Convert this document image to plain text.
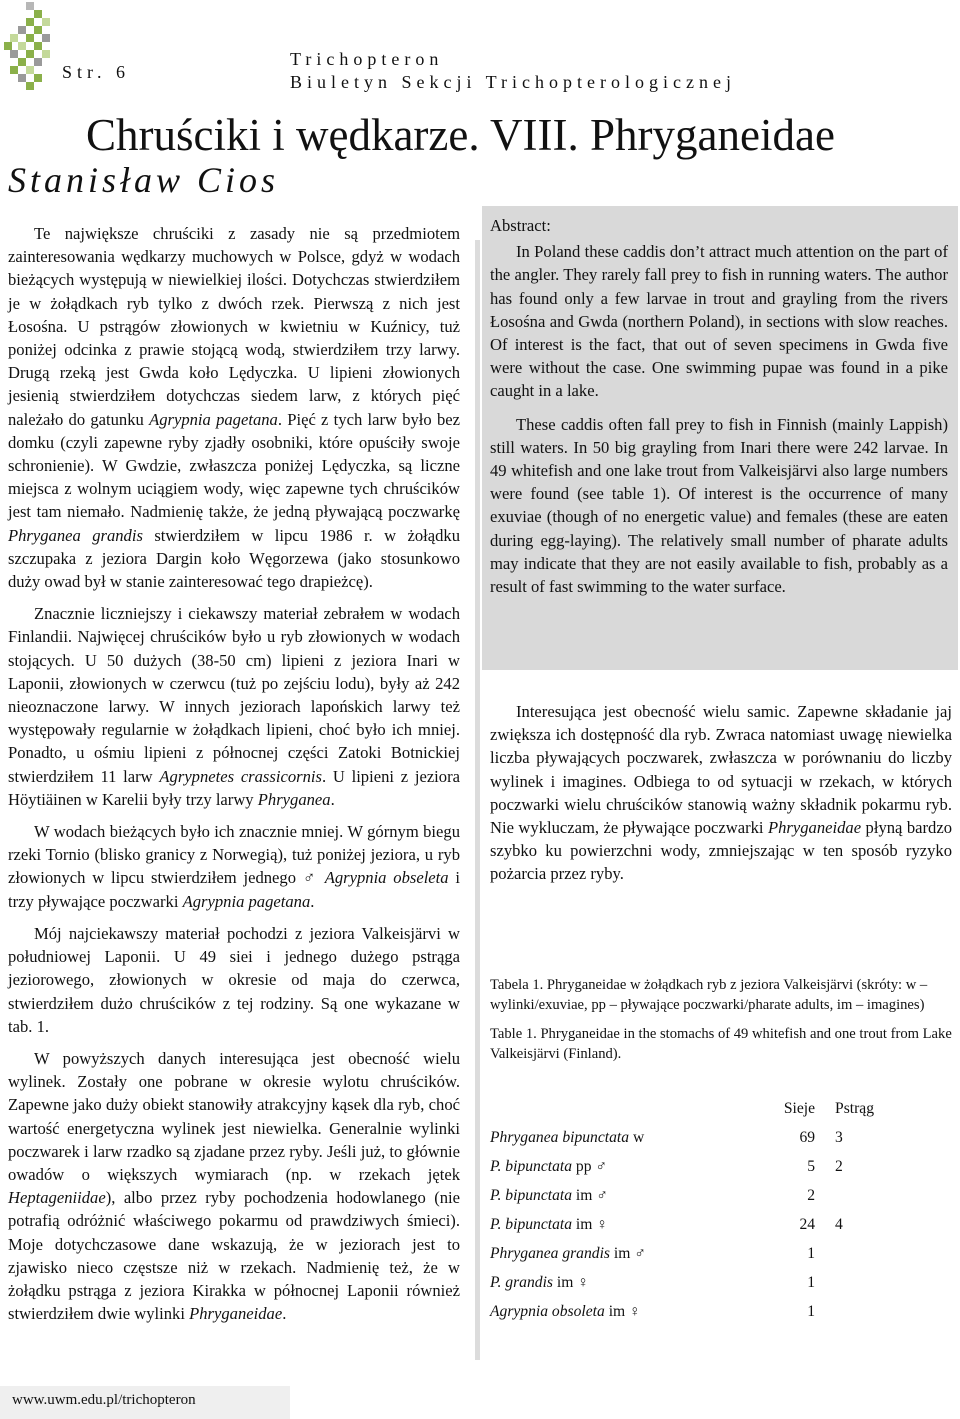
Str. 6
Trichopteron
Biuletyn Sekcji Trichopterologicznej
Chruściki i wędkarze. VIII. Phryganeidae
Stanisław Cios

Te największe chruściki z zasady nie są przedmiotem zainteresowania wędkarzy muchowych w Polsce, gdyż w wodach bieżących występują w niewielkiej ilości. Dotychczas stwierdziłem je w żołądkach ryb tylko z dwóch rzek. Pierwszą z nich jest Łosośna. U pstrągów złowionych w kwietniu w Kuźnicy, tuż poniżej odcinka z prawie stojącą wodą, stwierdziłem trzy larwy. Drugą rzeką jest Gwda koło Lędyczka. U lipieni złowionych jesienią stwierdziłem dotychczas siedem larw, z których pięć należało do gatunku Agrypnia pagetana. Pięć z tych larw było bez domku (czyli zapewne ryby zjadły osobniki, które opuściły swoje schronienie). W Gwdzie, zwłaszcza poniżej Lędyczka, są liczne miejsca z wolnym uciągiem wody, więc zapewne tych chruścików jest tam niemało. Nadmienię także, że jedną pływającą poczwarkę Phryganea grandis stwierdziłem w lipcu 1986 r. w żołądku szczupaka z jeziora Dargin koło Węgorzewa (jako stosunkowo duży owad był w stanie zainteresować tego drapieżcę).

Znacznie liczniejszy i ciekawszy materiał zebrałem w wodach Finlandii. Najwięcej chruścików było u ryb złowionych w wodach stojących. U 50 dużych (38-50 cm) lipieni z jeziora Inari w Laponii, złowionych w czerwcu (tuż po zejściu lodu), były aż 242 nieoznaczone larwy. W innych jeziorach lapońskich larwy też występowały regularnie w żołądkach lipieni, choć było ich mniej. Ponadto, u ośmiu lipieni z północnej części Zatoki Botnickiej stwierdziłem 11 larw Agrypnetes crassicornis. U lipieni z jeziora Höytiäinen w Karelii były trzy larwy Phryganea.

W wodach bieżących było ich znacznie mniej. W górnym biegu rzeki Tornio (blisko granicy z Norwegią), tuż poniżej jeziora, u ryb złowionych w lipcu stwierdziłem jednego ♂ Agrypnia obseleta i trzy pływające poczwarki Agrypnia pagetana.

Mój najciekawszy materiał pochodzi z jeziora Valkeisjärvi w południowej Laponii. U 49 siei i jednego dużego pstrąga jeziorowego, złowionych w okresie od maja do czerwca, stwierdziłem dużo chruścików z tej rodziny. Są one wykazane w tab. 1.

W powyższych danych interesująca jest obecność wielu wylinek. Zostały one pobrane w okresie wylotu chruścików. Zapewne jako duży obiekt stanowiły atrakcyjny kąsek dla ryb, choć wartość energetyczna wylinek jest niewielka. Generalnie wylinki poczwarek i larw rzadko są zjadane przez ryby. Jeśli już, to głównie owadów o większych wymiarach (np. w rzekach jętek Heptageniidae), albo przez ryby pochodzenia hodowlanego (nie potrafią odróżnić właściwego pokarmu od prawdziwych śmieci). Moje dotychczasowe dane wskazują, że w jeziorach jest to zjawisko nieco częstsze niż w rzekach. Nadmienię też, że w żołądku pstrąga z jeziora Kirakka w północnej Laponii również stwierdziłem dwie wylinki Phryganeidae.

Abstract:

In Poland these caddis don’t attract much attention on the part of the angler. They rarely fall prey to fish in running waters. The author has found only a few larvae in trout and grayling from the rivers Łosośna and Gwda (northern Poland), in sections with slow reaches. Of interest is the fact, that out of seven specimens in Gwda five were without the case. One swimming pupae was found in a pike caught in a lake.

These caddis often fall prey to fish in Finnish (mainly Lappish) still waters. In 50 big grayling from Inari there were 242 larvae. In 49 whitefish and one lake trout from Valkeisjärvi also large numbers were found (see table 1). Of interest is the occurrence of many exuviae (though of no energetic value) and females (these are eaten during egg-laying). The relatively small number of pharate adults may indicate that they are not easily available to fish, probably as a result of fast swimming to the water surface.

Interesująca jest obecność wielu samic. Zapewne składanie jaj zwiększa ich dostępność dla ryb. Zwraca natomiast uwagę niewielka liczba pływających poczwarek, zwłaszcza w porównaniu do liczby wylinek i imagines. Odbiega to od sytuacji w rzekach, w których poczwarki wielu chruścików stanowią ważny składnik pokarmu ryb. Nie wykluczam, że pływające poczwarki Phryganeidae płyną bardzo szybko ku powierzchni wody, zmniejszając w ten sposób ryzyko pożarcia przez ryby.

Tabela 1. Phryganeidae w żołądkach ryb z jeziora Valkeisjärvi (skróty: w – wylinki/exuviae, pp – pływające poczwarki/pharate adults, im – imagines)

Table 1. Phryganeidae in the stomachs of 49 whitefish and one trout from Lake Valkeisjärvi (Finland).

	Sieje	Pstrąg
Phryganea bipunctata w	69	3
P. bipunctata pp ♂	5	2
P. bipunctata im ♂	2	
P. bipunctata im ♀	24	4
Phryganea grandis im ♂	1	
P. grandis im ♀	1	
Agrypnia obsoleta im ♀	1	
www.uwm.edu.pl/trichopteron
